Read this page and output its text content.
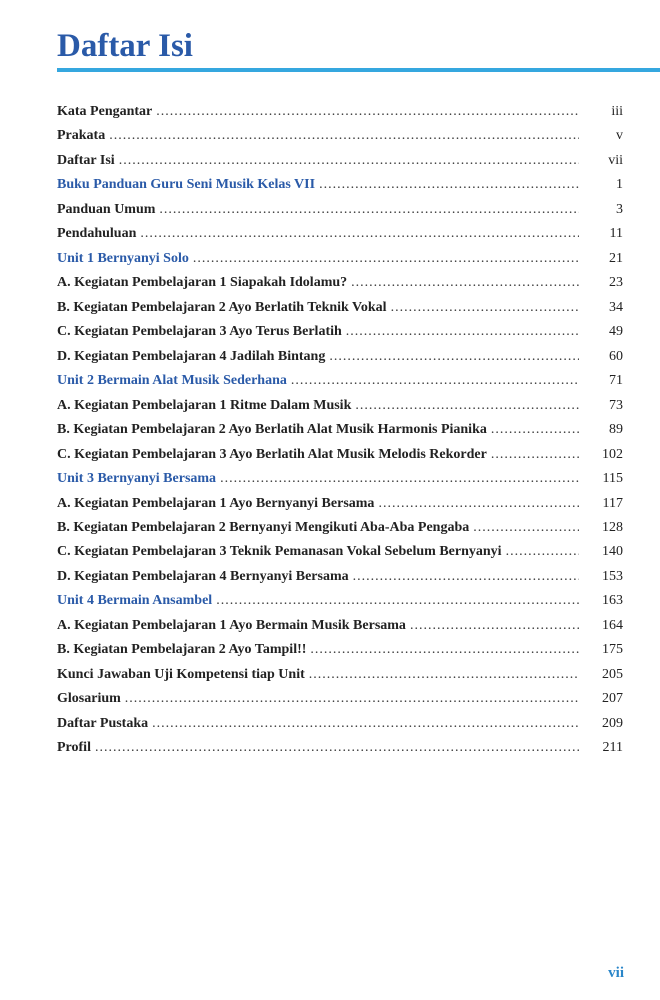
Daftar Isi
Kata Pengantar .....	iii
Prakata .....	v
Daftar Isi .....	vii
Buku Panduan Guru Seni Musik Kelas VII .....	1
Panduan Umum .....	3
Pendahuluan .....	11
Unit 1 Bernyanyi Solo .....	21
A. Kegiatan Pembelajaran 1 Siapakah Idolamu? .....	23
B. Kegiatan Pembelajaran 2 Ayo Berlatih Teknik Vokal .....	34
C. Kegiatan Pembelajaran 3 Ayo Terus Berlatih .....	49
D. Kegiatan Pembelajaran 4 Jadilah Bintang .....	60
Unit 2 Bermain Alat Musik Sederhana .....	71
A. Kegiatan Pembelajaran 1 Ritme Dalam Musik .....	73
B. Kegiatan Pembelajaran 2 Ayo Berlatih Alat Musik Harmonis Pianika .....	89
C. Kegiatan Pembelajaran 3 Ayo Berlatih Alat Musik Melodis Rekorder .....	102
Unit 3 Bernyanyi Bersama .....	115
A. Kegiatan Pembelajaran 1 Ayo Bernyanyi Bersama .....	117
B. Kegiatan Pembelajaran 2 Bernyanyi Mengikuti Aba-Aba Pengaba .....	128
C. Kegiatan Pembelajaran 3 Teknik Pemanasan Vokal Sebelum Bernyanyi .....	140
D. Kegiatan Pembelajaran 4 Bernyanyi Bersama .....	153
Unit 4 Bermain Ansambel .....	163
A. Kegiatan Pembelajaran 1 Ayo Bermain Musik Bersama .....	164
B. Kegiatan Pembelajaran 2 Ayo Tampil!! .....	175
Kunci Jawaban Uji Kompetensi tiap Unit .....	205
Glosarium .....	207
Daftar Pustaka .....	209
Profil .....	211
vii
